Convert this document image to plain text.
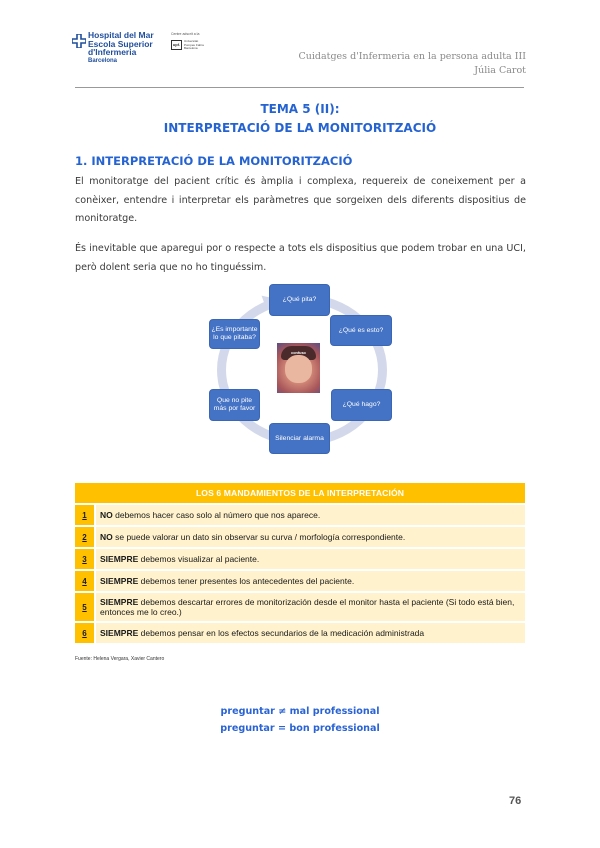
Hospital del Mar
Escola Superior
d'Infermeria
Barcelona
Centre adscrit a la
upf.
Universitat
Pompeu Fabra
Barcelona
Cuidatges d'Infermeria en la persona adulta III
Júlia Carot
TEMA 5 (II):
INTERPRETACIÓ DE LA MONITORITZACIÓ
1. INTERPRETACIÓ DE LA MONITORITZACIÓ

El monitoratge del pacient crític és àmplia i complexa, requereix de coneixement per a conèixer, entendre i interpretar els paràmetres que sorgeixen dels diferents dispositius de monitoratge.

És inevitable que aparegui por o respecte a tots els dispositius que podem trobar en una UCI, però dolent seria que no ho tinguéssim.

¿Qué pita?
¿Qué es esto?
¿Qué hago?
Silenciar alarma
Que no pite más por favor
¿Es importante lo que pitaba?
confuso
LOS 6 MANDAMIENTOS DE LA INTERPRETACIÓN
1	NO debemos hacer caso solo al número que nos aparece.
2	NO se puede valorar un dato sin observar su curva / morfología correspondiente.
3	SIEMPRE debemos visualizar al paciente.
4	SIEMPRE debemos tener presentes los antecedentes del paciente.
5	SIEMPRE debemos descartar errores de monitorización desde el monitor hasta el paciente (Si todo está bien, entonces me lo creo.)
6	SIEMPRE debemos pensar en los efectos secundarios de la medicación administrada
Fuente: Helena Vergara, Xavier Cantero
preguntar ≠ mal professional
preguntar = bon professional
76
